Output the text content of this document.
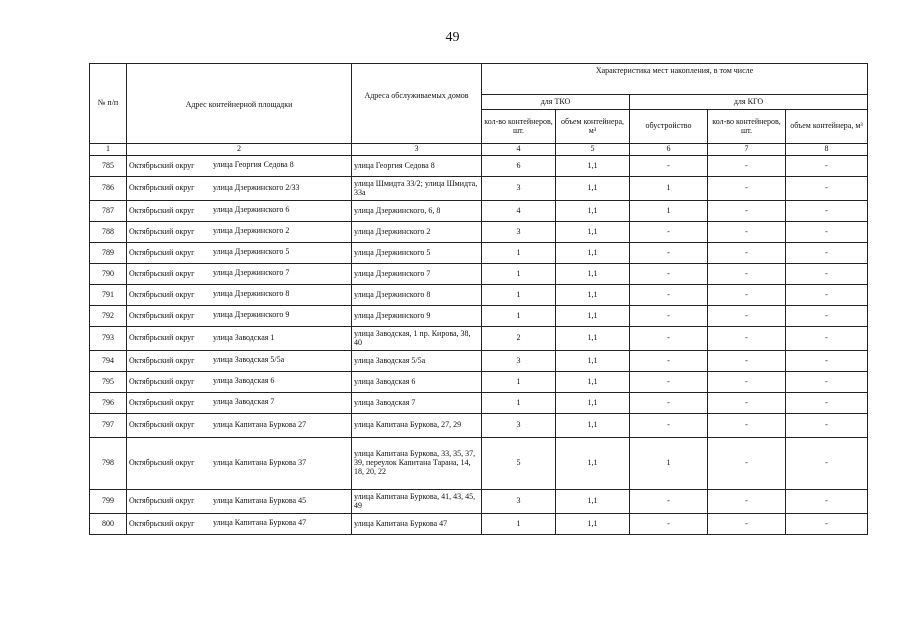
49
№ п/п	Адрес контейнерной площадки	Адреса обслуживаемых домов	Характеристика мест накопления, в том числе				
			для ТКО		для КГО		
			кол-во контейнеров, шт.	объем контейнера, м³	обустройство	кол-во контейнеров, шт.	объем контейнера, м³
1	2	3	4	5	6	7	8
785	Октябрьский округ улица Георгия Седова 8	улица Георгия Седова 8	6	1,1	-	-	-
786	Октябрьский округ улица Дзержинского 2/33	улица Шмидта 33/2; улица Шмидта, 33а	3	1,1	1	-	-
787	Октябрьский округ улица Дзержинского 6	улица Дзержинского, 6, 8	4	1,1	1	-	-
788	Октябрьский округ улица Дзержинского 2	улица Дзержинского 2	3	1,1	-	-	-
789	Октябрьский округ улица Дзержинского 5	улица Дзержинского 5	1	1,1	-	-	-
790	Октябрьский округ улица Дзержинского 7	улица Дзержинского 7	1	1,1	-	-	-
791	Октябрьский округ улица Дзержинского 8	улица Дзержинского 8	1	1,1	-	-	-
792	Октябрьский округ улица Дзержинского 9	улица Дзержинского 9	1	1,1	-	-	-
793	Октябрьский округ улица Заводская 1	улица Заводская, 1 пр. Кирова, 38, 40	2	1,1	-	-	-
794	Октябрьский округ улица Заводская 5/5а	улица Заводская 5/5а	3	1,1	-	-	-
795	Октябрьский округ улица Заводская 6	улица Заводская 6	1	1,1	-	-	-
796	Октябрьский округ улица Заводская 7	улица Заводская 7	1	1,1	-	-	-
797	Октябрьский округ улица Капитана Буркова 27	улица Капитана Буркова, 27, 29	3	1,1	-	-	-
798	Октябрьский округ улица Капитана Буркова 37	улица Капитана Буркова, 33, 35, 37, 39, переулок Капитана Тарана, 14, 18, 20, 22	5	1,1	1	-	-
799	Октябрьский округ улица Капитана Буркова 45	улица Капитана Буркова, 41, 43, 45, 49	3	1,1	-	-	-
800	Октябрьский округ улица Капитана Буркова 47	улица Капитана Буркова 47	1	1,1	-	-	-
